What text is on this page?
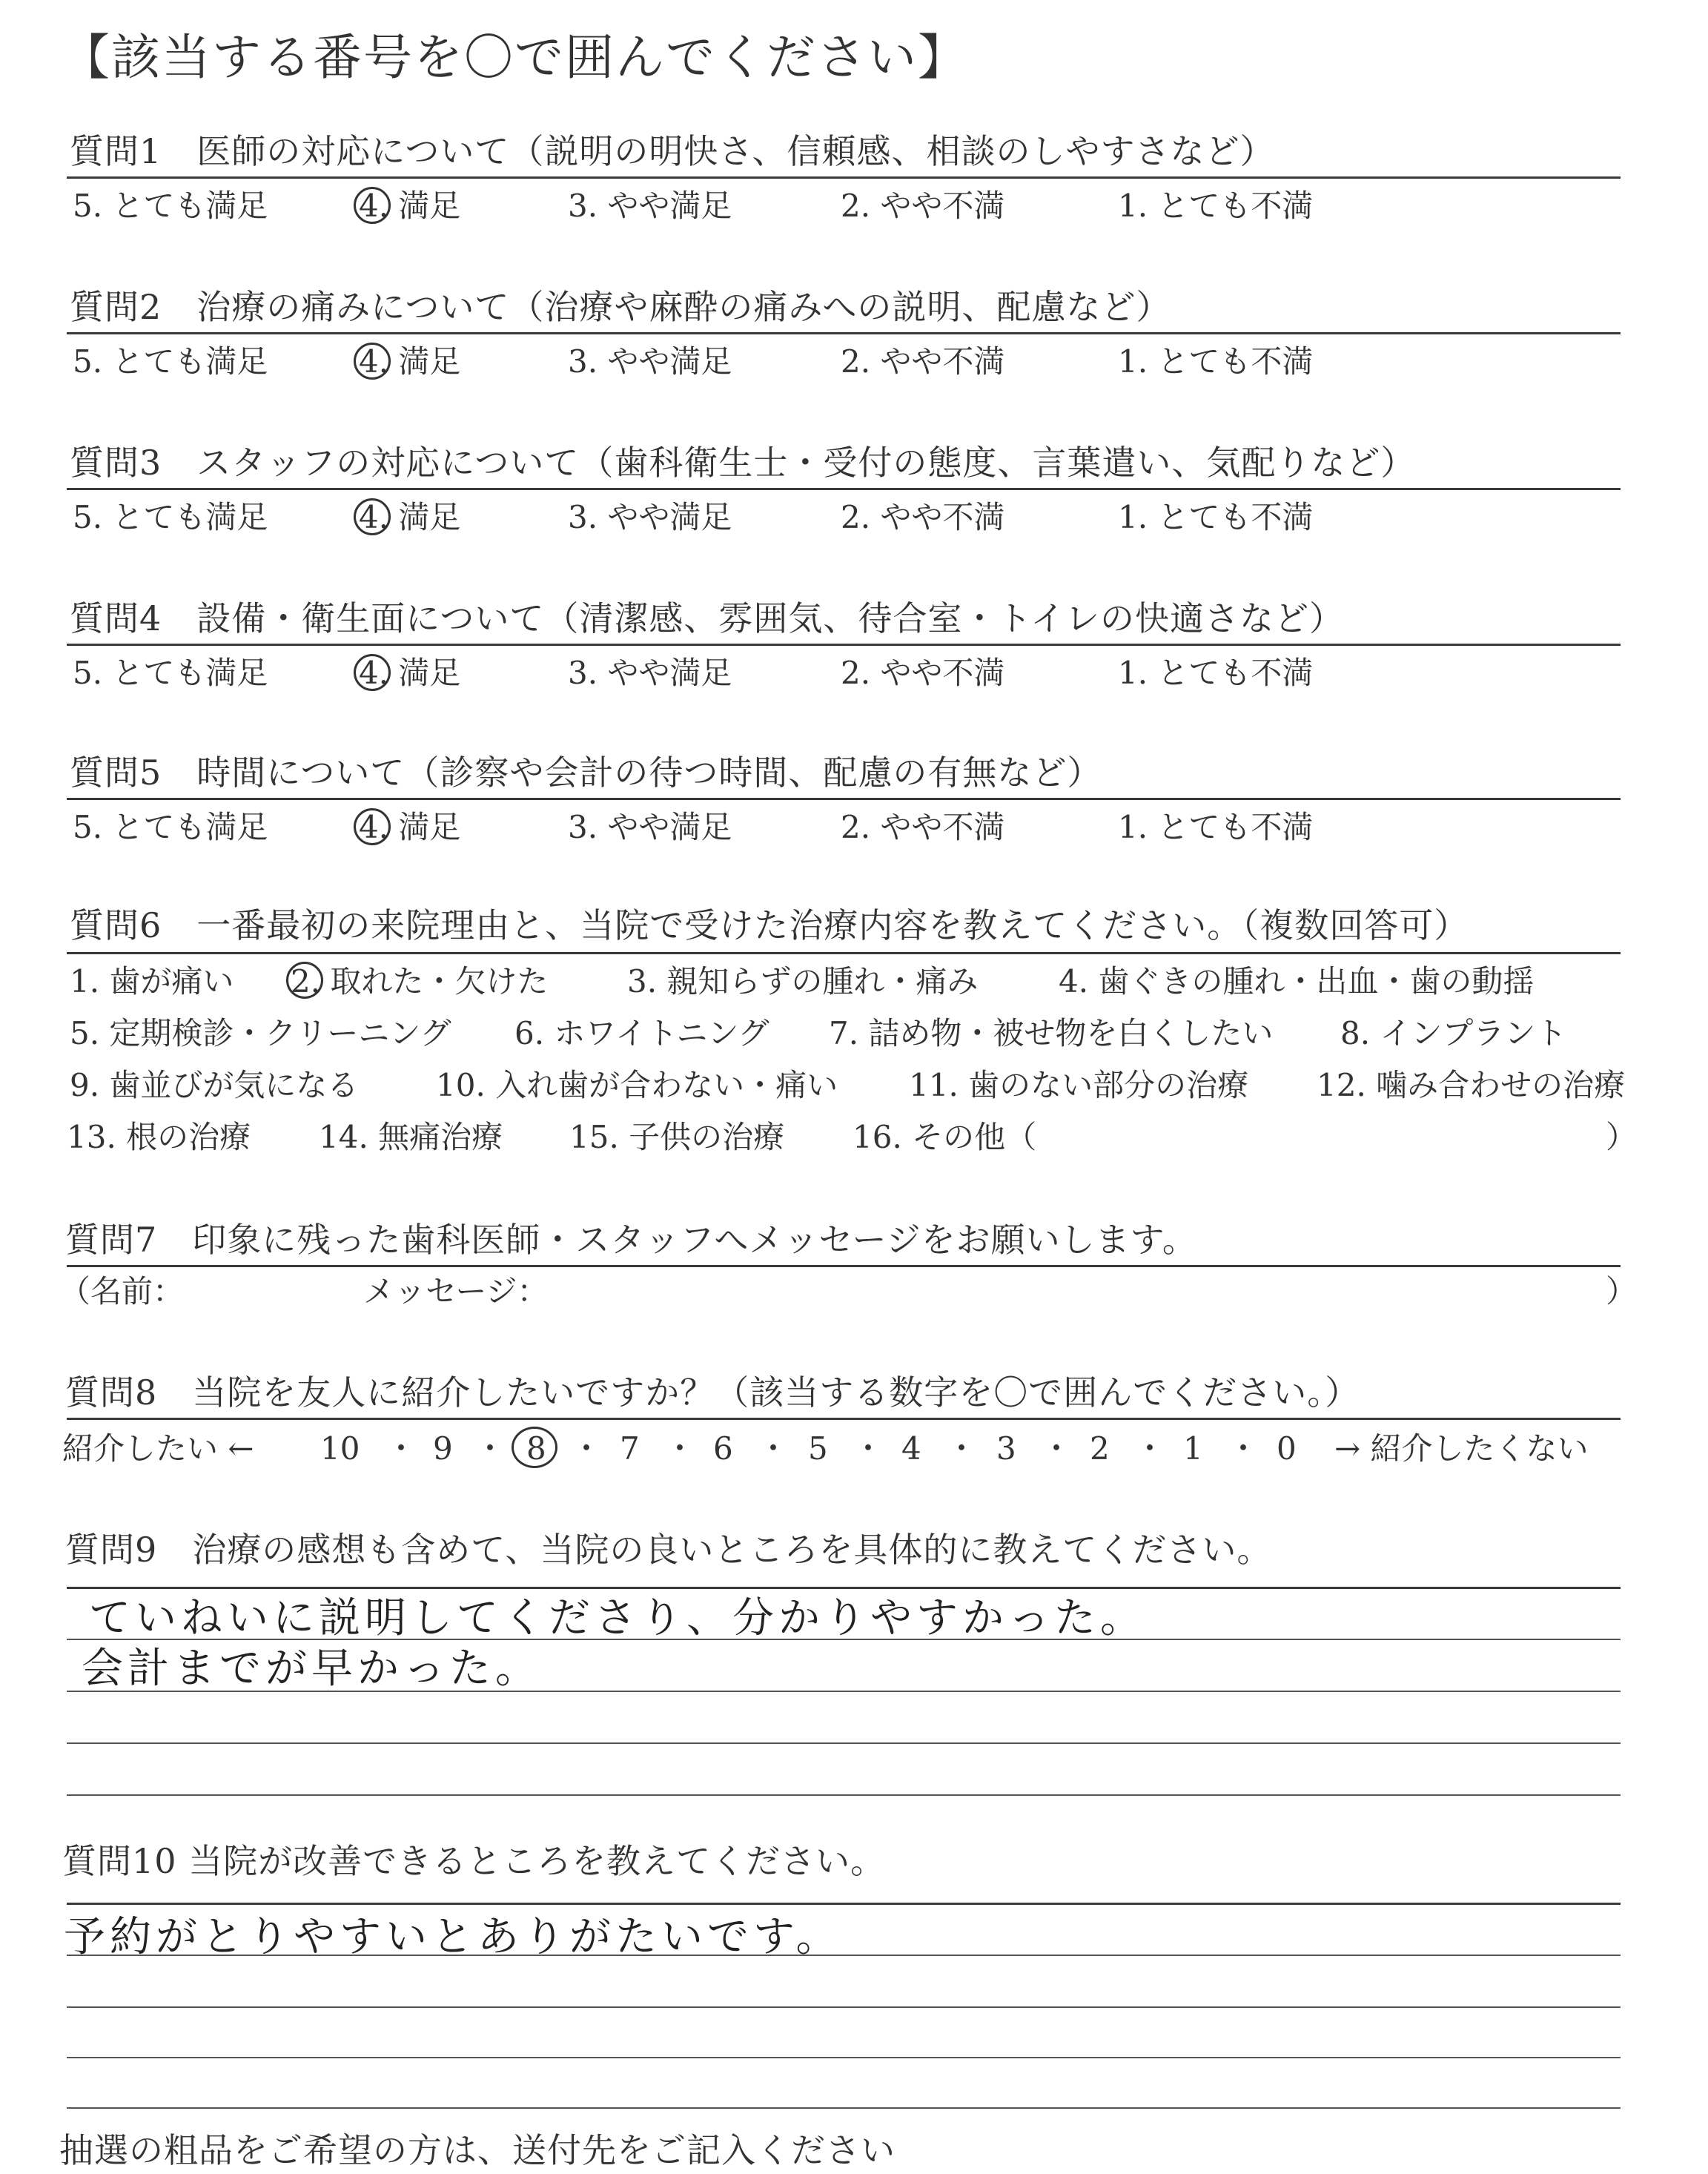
【該当する番号を〇で囲んでください】
質問1　医師の対応について（説明の明快さ、信頼感、相談のしやすさなど）
5. とても満足	4. 満足	3. やや満足	2. やや不満	1. とても不満
質問2　治療の痛みについて（治療や麻酔の痛みへの説明、配慮など）
5. とても満足	4. 満足	3. やや満足	2. やや不満	1. とても不満
質問3　スタッフの対応について（歯科衛生士・受付の態度、言葉遣い、気配りなど）
5. とても満足	4. 満足	3. やや満足	2. やや不満	1. とても不満
質問4　設備・衛生面について（清潔感、雰囲気、待合室・トイレの快適さなど）
5. とても満足	4. 満足	3. やや満足	2. やや不満	1. とても不満
質問5　時間について（診察や会計の待つ時間、配慮の有無など）
5. とても満足	4. 満足	3. やや満足	2. やや不満	1. とても不満
質問6　一番最初の来院理由と、当院で受けた治療内容を教えてください。（複数回答可）
1. 歯が痛い 2. 取れた・欠けた	3. 親知らずの腫れ・痛み	4. 歯ぐきの腫れ・出血・歯の動揺
5. 定期検診・クリーニング 6. ホワイトニング 7. 詰め物・被せ物を白くしたい 8. インプラント
9. 歯並びが気になる 10. 入れ歯が合わない・痛い 11. 歯のない部分の治療 12. 噛み合わせの治療
13. 根の治療 14. 無痛治療 15. 子供の治療 16. その他（	）
質問7　印象に残った歯科医師・スタッフへメッセージをお願いします。
（名前：	メッセージ：	）
質問8　当院を友人に紹介したいですか？（該当する数字を〇で囲んでください。）
紹介したい ← 10 ・ 9 ・ 8 ・ 7 ・ 6 ・ 5 ・ 4 ・ 3 ・ 2 ・ 1 ・ 0 → 紹介したくない
質問9　治療の感想も含めて、当院の良いところを具体的に教えてください。
ていねいに説明してくださり、分かりやすかった。
会計までが早かった。
質問10 当院が改善できるところを教えてください。
予約がとりやすいとありがたいです。
抽選の粗品をご希望の方は、送付先をご記入ください
